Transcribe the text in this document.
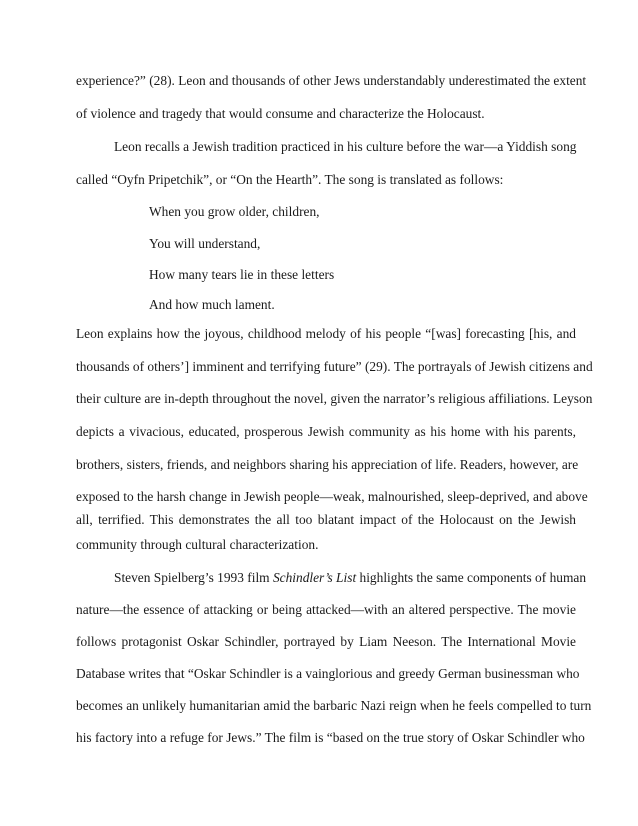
experience?” (28). Leon and thousands of other Jews understandably underestimated the extent
of violence and tragedy that would consume and characterize the Holocaust.
Leon recalls a Jewish tradition practiced in his culture before the war—a Yiddish song
called “Oyfn Pripetchik”, or “On the Hearth”. The song is translated as follows:
When you grow older, children,
You will understand,
How many tears lie in these letters
And how much lament.
Leon explains how the joyous, childhood melody of his people “[was] forecasting [his, and
thousands of others’] imminent and terrifying future” (29). The portrayals of Jewish citizens and
their culture are in-depth throughout the novel, given the narrator’s religious affiliations. Leyson
depicts a vivacious, educated, prosperous Jewish community as his home with his parents,
brothers, sisters, friends, and neighbors sharing his appreciation of life. Readers, however, are
exposed to the harsh change in Jewish people—weak, malnourished, sleep-deprived, and above
all, terrified. This demonstrates the all too blatant impact of the Holocaust on the Jewish
community through cultural characterization.
Steven Spielberg’s 1993 film Schindler’s List highlights the same components of human
nature—the essence of attacking or being attacked—with an altered perspective. The movie
follows protagonist Oskar Schindler, portrayed by Liam Neeson. The International Movie
Database writes that “Oskar Schindler is a vainglorious and greedy German businessman who
becomes an unlikely humanitarian amid the barbaric Nazi reign when he feels compelled to turn
his factory into a refuge for Jews.” The film is “based on the true story of Oskar Schindler who
